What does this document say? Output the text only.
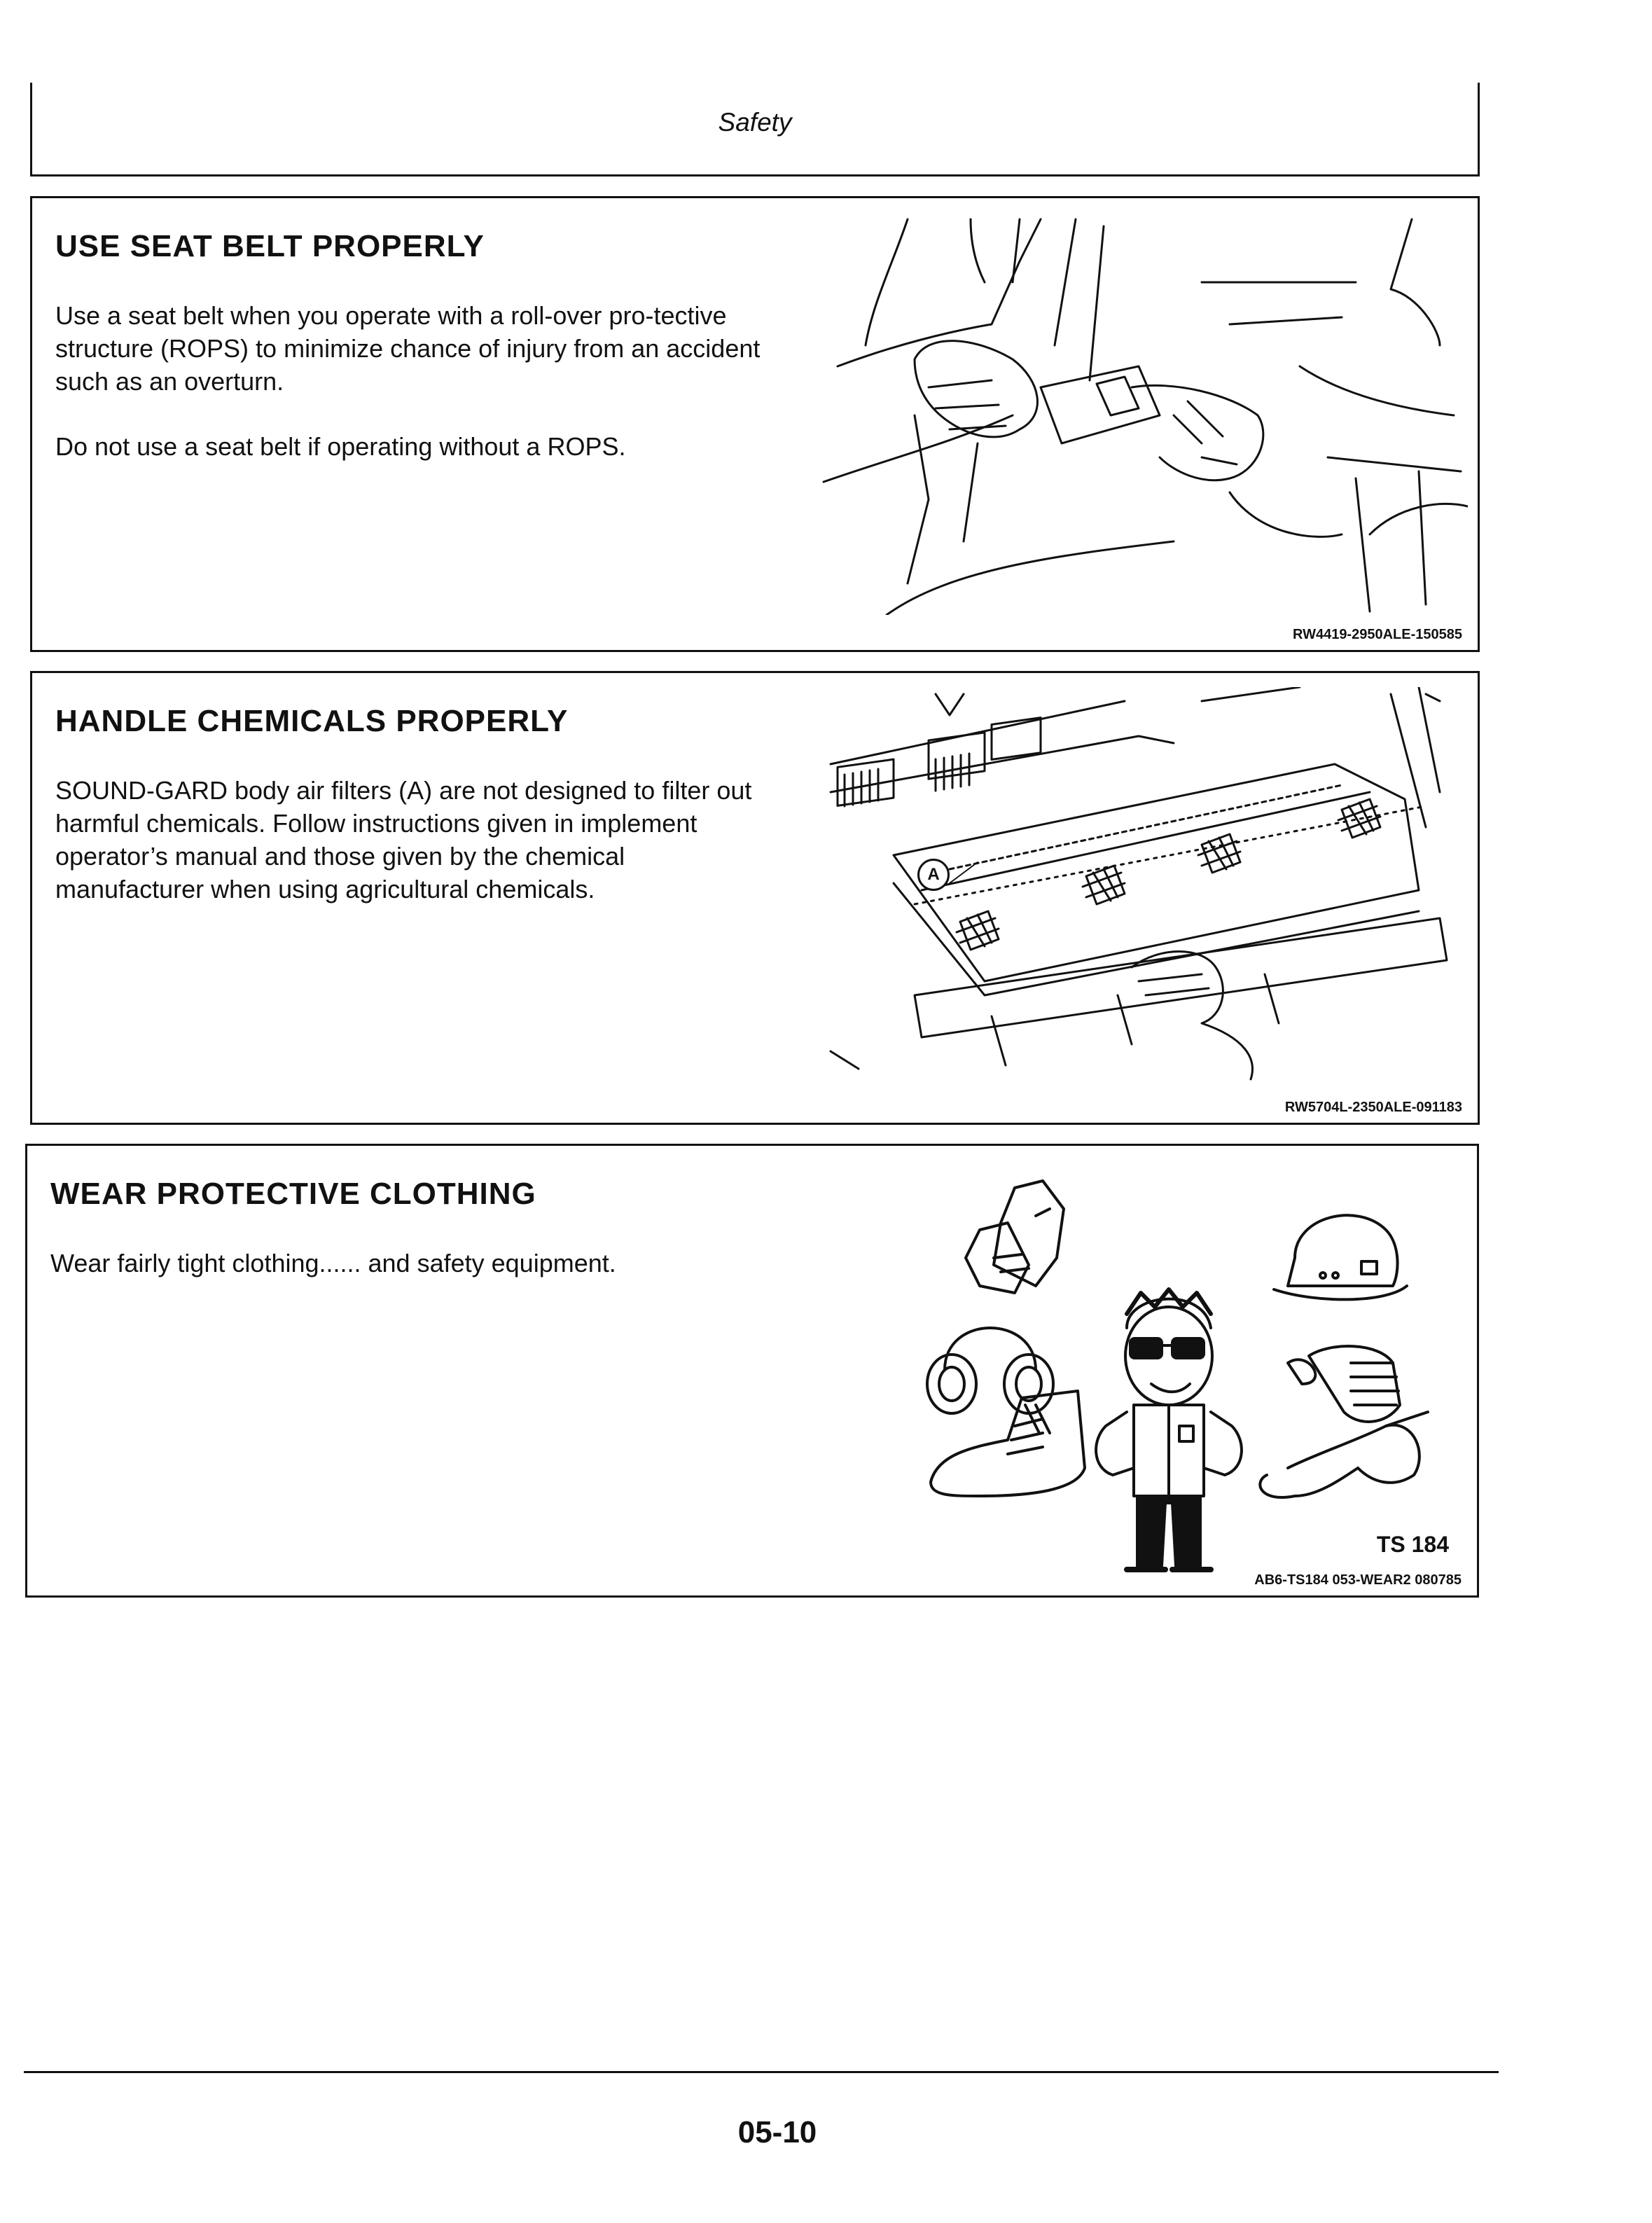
Safety
USE SEAT BELT PROPERLY

Use a seat belt when you operate with a roll-over pro-tective structure (ROPS) to minimize chance of injury from an accident such as an overturn.

Do not use a seat belt if operating without a ROPS.

RW4419-2950ALE-150585
HANDLE CHEMICALS PROPERLY

SOUND-GARD body air filters (A) are not designed to filter out harmful chemicals. Follow instructions given in implement operator’s manual and those given by the chemical manufacturer when using agricultural chemicals.

A
RW5704L-2350ALE-091183
WEAR PROTECTIVE CLOTHING

Wear fairly tight clothing...... and safety equipment.

TS 184
AB6-TS184 053-WEAR2 080785
05-10
